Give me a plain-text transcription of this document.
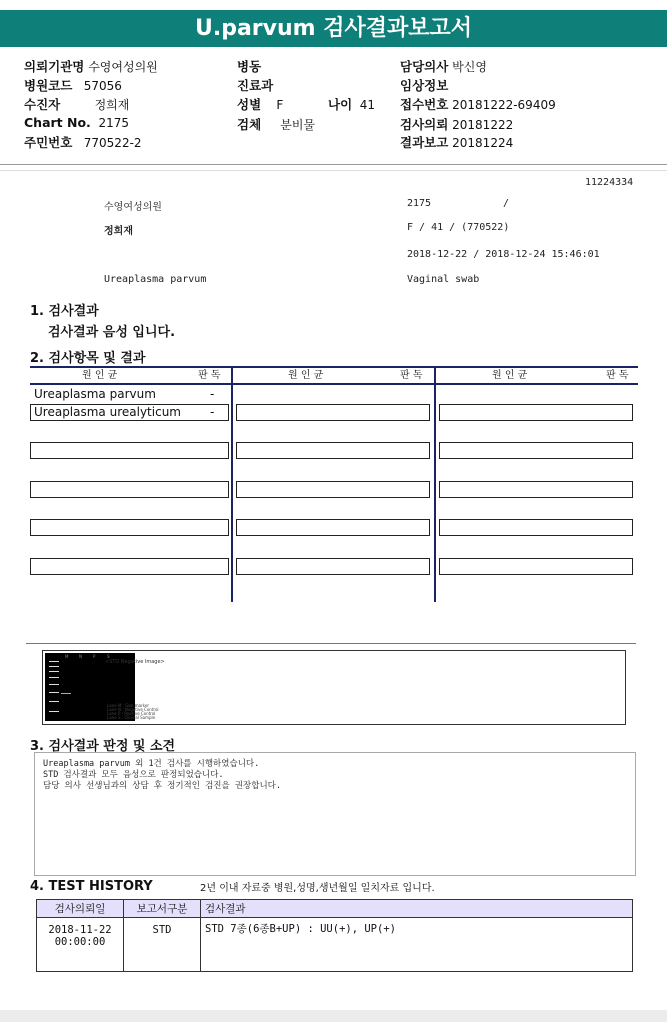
U.parvum 검사결과보고서
의뢰기관명 수영여성의원
병원코드 57056
수진자	정희재
Chart No. 2175
주민번호 770522-2
병동
진료과
성별 F	나이 41
검체 분비물
담당의사 박신영
임상정보
접수번호 20181222-69409
검사의뢰 20181222
결과보고 20181224
11224334
수영여성의원	2175	/
정희재	F / 41 / (770522)
2018-12-22 / 2018-12-24 15:46:01
Ureaplasma parvum	Vaginal swab
1. 검사결과
검사결과 음성 입니다.
2. 검사항목 및 결과
원 인 균	판 독	원 인 균	판 독	원 인 균	판 독
Ureaplasma parvum	-
Ureaplasma urealyticum	-
M	N	P	S
<STD Negative Image>
Lane M : Size marker
Lane N : Negative Control
Lane P : Positive Control
Lane S : Clinical Sample
3. 검사결과 판정 및 소견
Ureaplasma parvum 외 1건 검사를 시행하였습니다.
STD 검사결과 모두 음성으로 판정되었습니다.
담당 의사 선생님과의 상담 후 정기적인 검진을 권장합니다.
4. TEST HISTORY	2년 이내 자료중 병원,성명,생년월일 일치자료 입니다.
검사의뢰일	보고서구분	검사결과

2018-11-22
00:00:00	STD	STD 7종(6종B+UP) : UU(+), UP(+)
